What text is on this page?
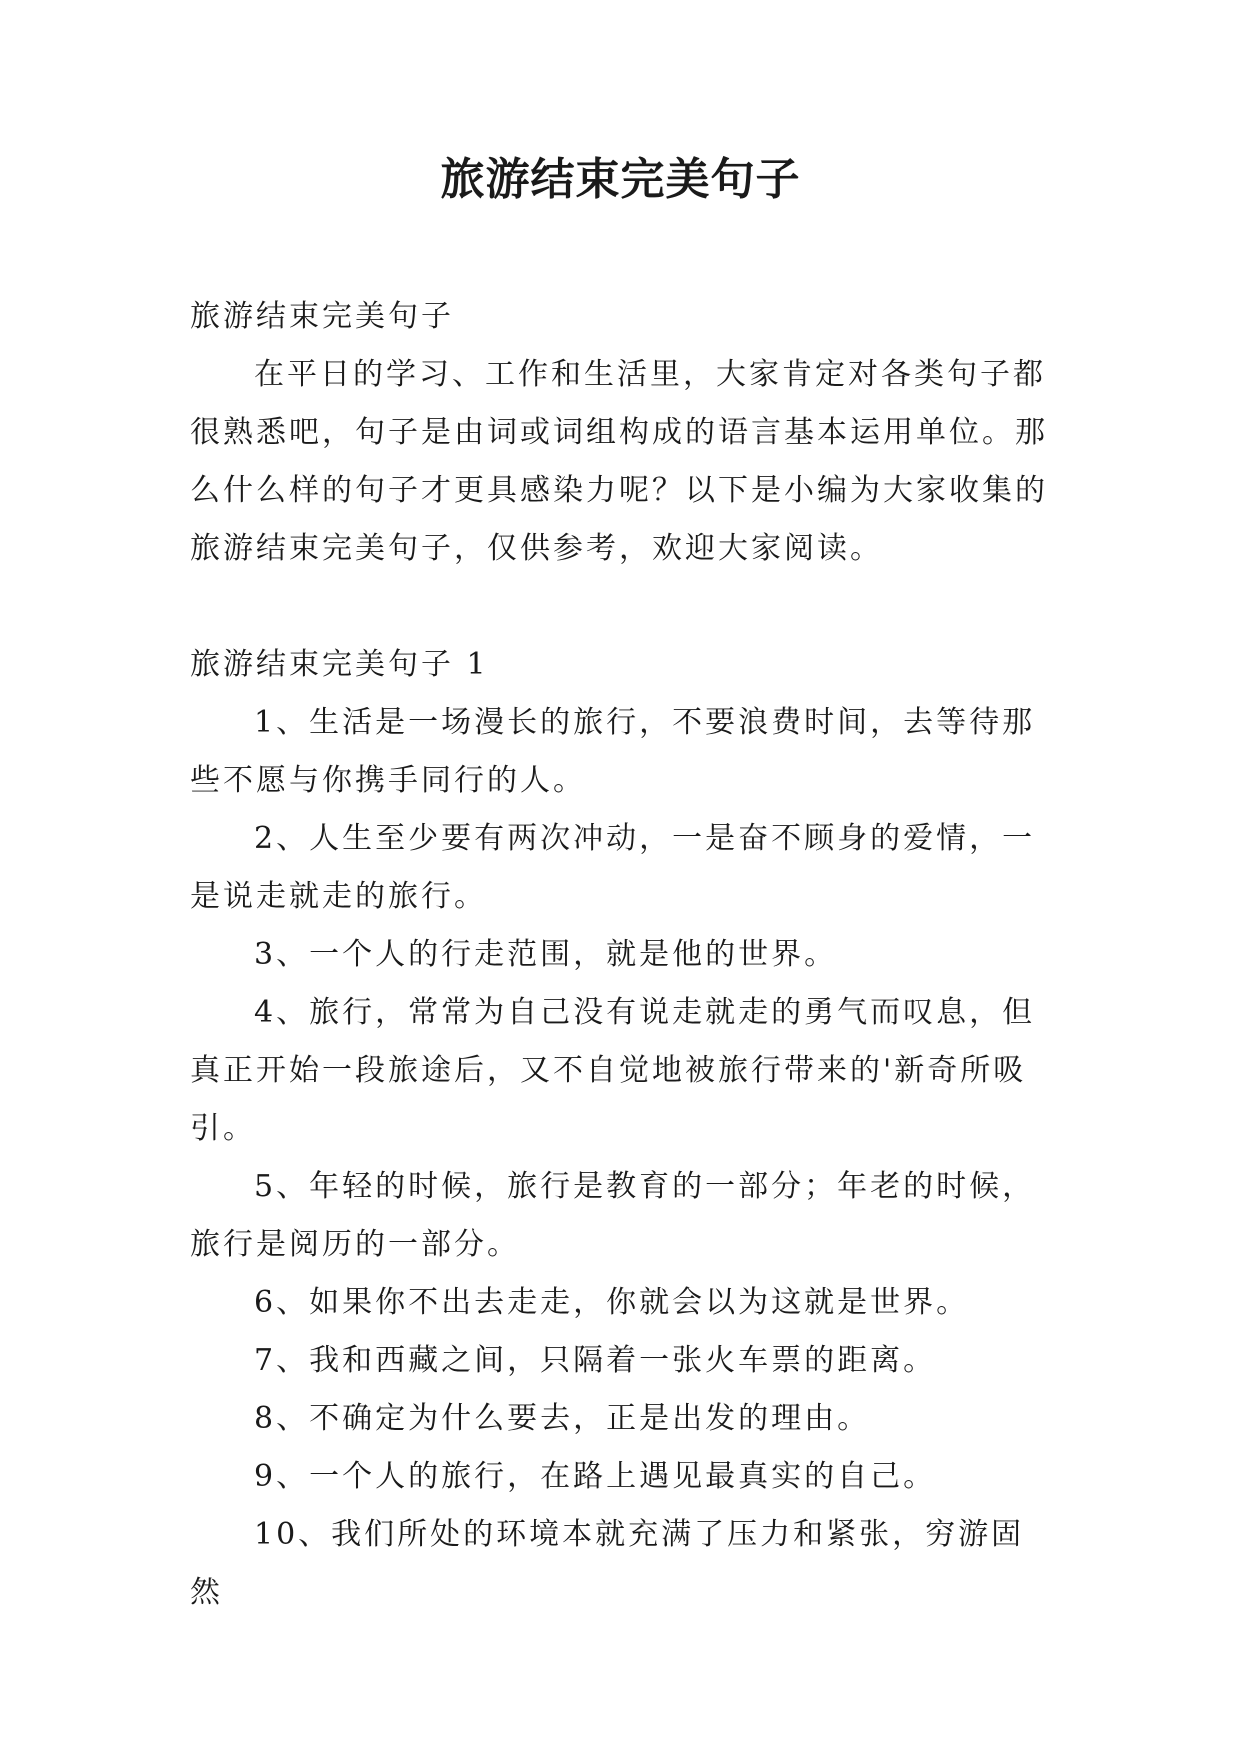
旅游结束完美句子

旅游结束完美句子

在平日的学习、工作和生活里，大家肯定对各类句子都很熟悉吧，句子是由词或词组构成的语言基本运用单位。那么什么样的句子才更具感染力呢？以下是小编为大家收集的旅游结束完美句子，仅供参考，欢迎大家阅读。

旅游结束完美句子 1

1、生活是一场漫长的旅行，不要浪费时间，去等待那些不愿与你携手同行的人。

2、人生至少要有两次冲动，一是奋不顾身的爱情，一是说走就走的旅行。

3、一个人的行走范围，就是他的世界。

4、旅行，常常为自己没有说走就走的勇气而叹息，但真正开始一段旅途后，又不自觉地被旅行带来的'新奇所吸引。

5、年轻的时候，旅行是教育的一部分；年老的时候，旅行是阅历的一部分。

6、如果你不出去走走，你就会以为这就是世界。

7、我和西藏之间，只隔着一张火车票的距离。

8、不确定为什么要去，正是出发的理由。

9、一个人的旅行，在路上遇见最真实的自己。

10、我们所处的环境本就充满了压力和紧张，穷游固然
